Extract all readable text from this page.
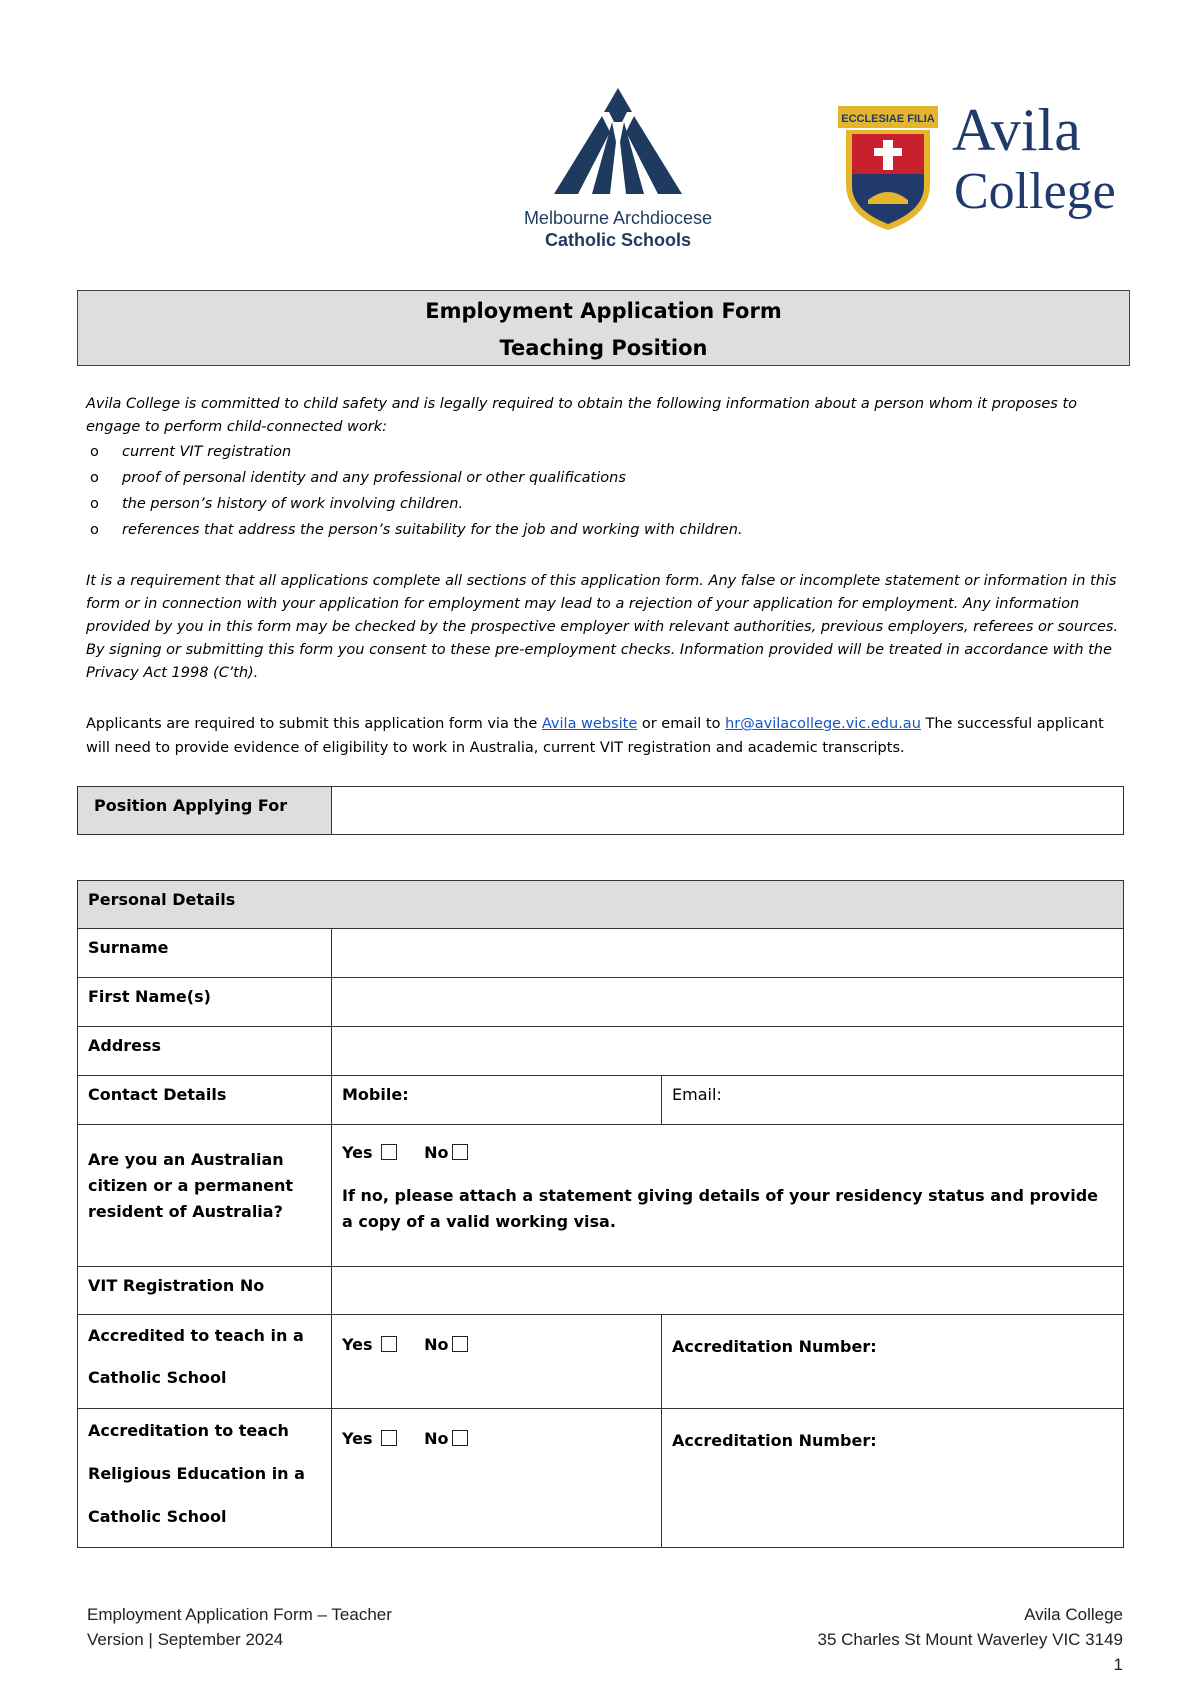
Melbourne Archdiocese
Catholic Schools
ECCLESIAE FILIA Avila
College
Employment Application Form
Teaching Position
Avila College is committed to child safety and is legally required to obtain the following information about a person whom it proposes to engage to perform child-connected work:
o current VIT registration
o proof of personal identity and any professional or other qualifications
o the person’s history of work involving children.
o references that address the person’s suitability for the job and working with children.
It is a requirement that all applications complete all sections of this application form. Any false or incomplete statement or information in this form or in connection with your application for employment may lead to a rejection of your application for employment. Any information provided by you in this form may be checked by the prospective employer with relevant authorities, previous employers, referees or sources. By signing or submitting this form you consent to these pre-employment checks. Information provided will be treated in accordance with the Privacy Act 1998 (C’th).
Applicants are required to submit this application form via the Avila website or email to hr@avilacollege.vic.edu.au The successful applicant will need to provide evidence of eligibility to work in Australia, current VIT registration and academic transcripts.
Position Applying For

Personal Details		

Surname		

First Name(s)		

Address		

Contact Details	Mobile:	Email:

Are you an Australian citizen or a permanent resident of Australia?	Yes No
If no, please attach a statement giving details of your residency status and provide a copy of a valid working visa.	

VIT Registration No		

Accredited to teach in a Catholic School	Yes No	Accreditation Number:

Accreditation to teach Religious Education in a Catholic School	Yes No	Accreditation Number:
Employment Application Form – Teacher
Version | September 2024
Avila College
35 Charles St Mount Waverley VIC 3149
1
